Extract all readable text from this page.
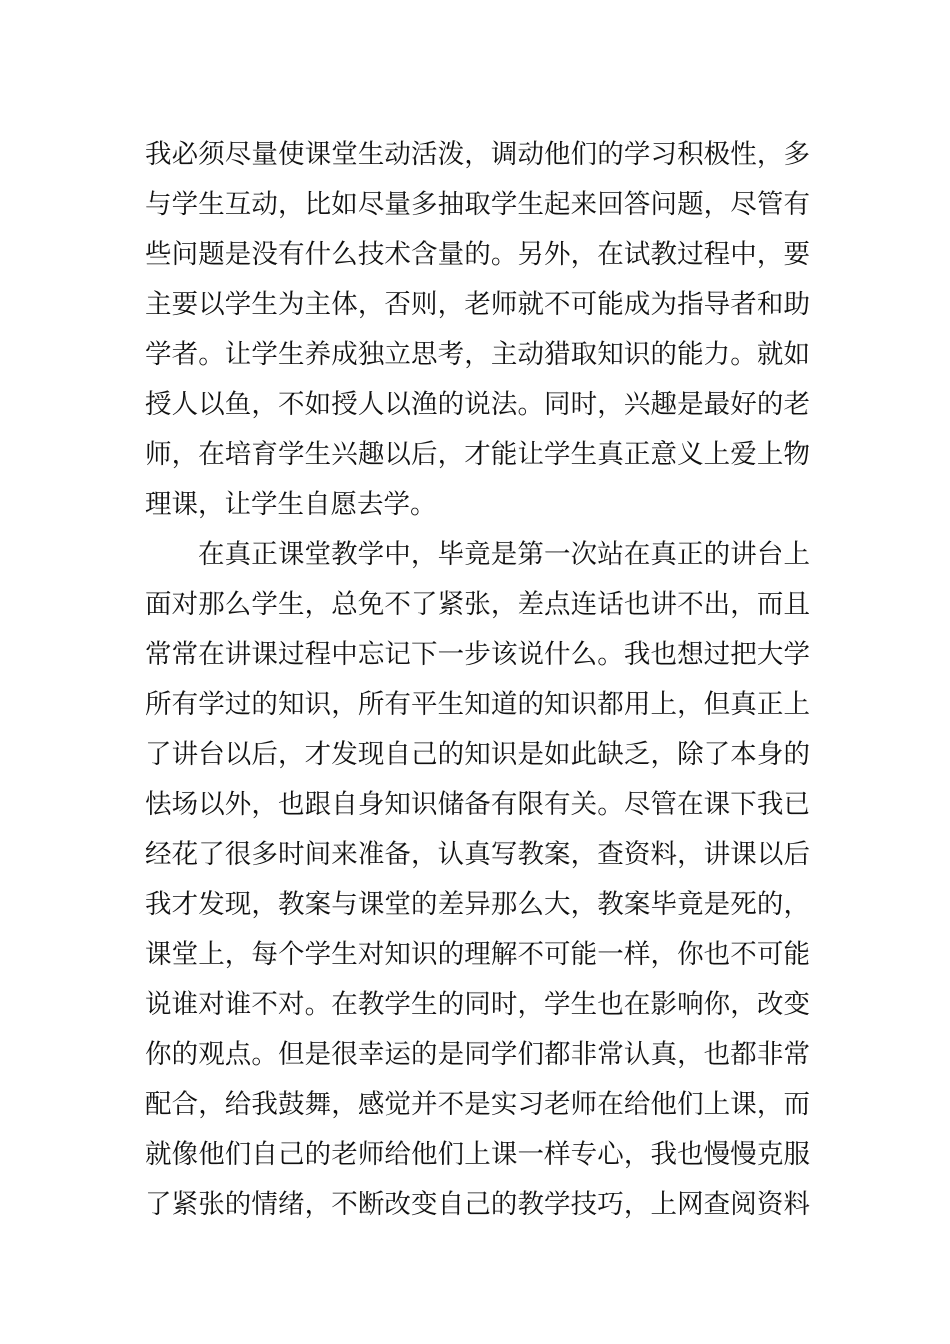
我必须尽量使课堂生动活泼，调动他们的学习积极性，多
与学生互动，比如尽量多抽取学生起来回答问题，尽管有
些问题是没有什么技术含量的。另外，在试教过程中，要
主要以学生为主体，否则，老师就不可能成为指导者和助
学者。让学生养成独立思考，主动猎取知识的能力。就如
授人以鱼，不如授人以渔的说法。同时，兴趣是最好的老
师，在培育学生兴趣以后，才能让学生真正意义上爱上物
理课，让学生自愿去学。
在真正课堂教学中，毕竟是第一次站在真正的讲台上
面对那么学生，总免不了紧张，差点连话也讲不出，而且
常常在讲课过程中忘记下一步该说什么。我也想过把大学
所有学过的知识，所有平生知道的知识都用上，但真正上
了讲台以后，才发现自己的知识是如此缺乏，除了本身的
怯场以外，也跟自身知识储备有限有关。尽管在课下我已
经花了很多时间来准备，认真写教案，查资料，讲课以后
我才发现，教案与课堂的差异那么大，教案毕竟是死的，
课堂上，每个学生对知识的理解不可能一样，你也不可能
说谁对谁不对。在教学生的同时，学生也在影响你，改变
你的观点。但是很幸运的是同学们都非常认真，也都非常
配合，给我鼓舞，感觉并不是实习老师在给他们上课，而
就像他们自己的老师给他们上课一样专心，我也慢慢克服
了紧张的情绪，不断改变自己的教学技巧，上网查阅资料
